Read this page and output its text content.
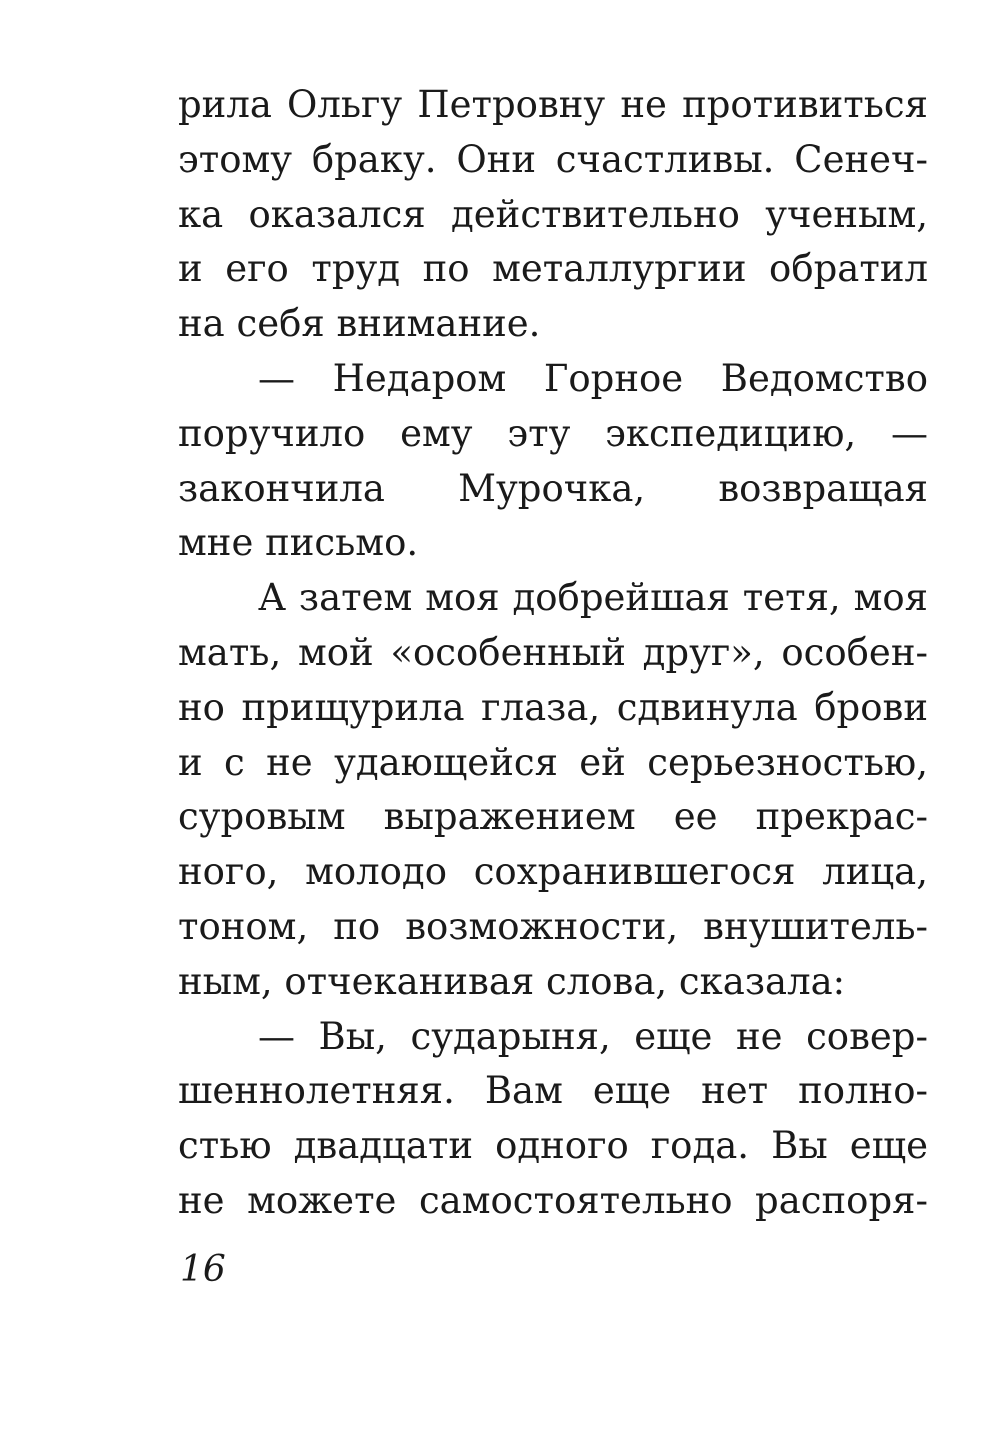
рила Ольгу Петровну не противиться
этому браку. Они счастливы. Сенеч-
ка оказался действительно ученым,
и его труд по металлургии обратил
на себя внимание.
— Недаром Горное Ведомство
поручило ему эту экспедицию, —
закончила Мурочка, возвращая
мне письмо.
А затем моя добрейшая тетя, моя
мать, мой «особенный друг», особен-
но прищурила глаза, сдвинула брови
и с не удающейся ей серьезностью,
суровым выражением ее прекрас-
ного, молодо сохранившегося лица,
тоном, по возможности, внушитель-
ным, отчеканивая слова, сказала:
— Вы, сударыня, еще не совер-
шеннолетняя. Вам еще нет полно-
стью двадцати одного года. Вы еще
не можете самостоятельно распоря-
16
